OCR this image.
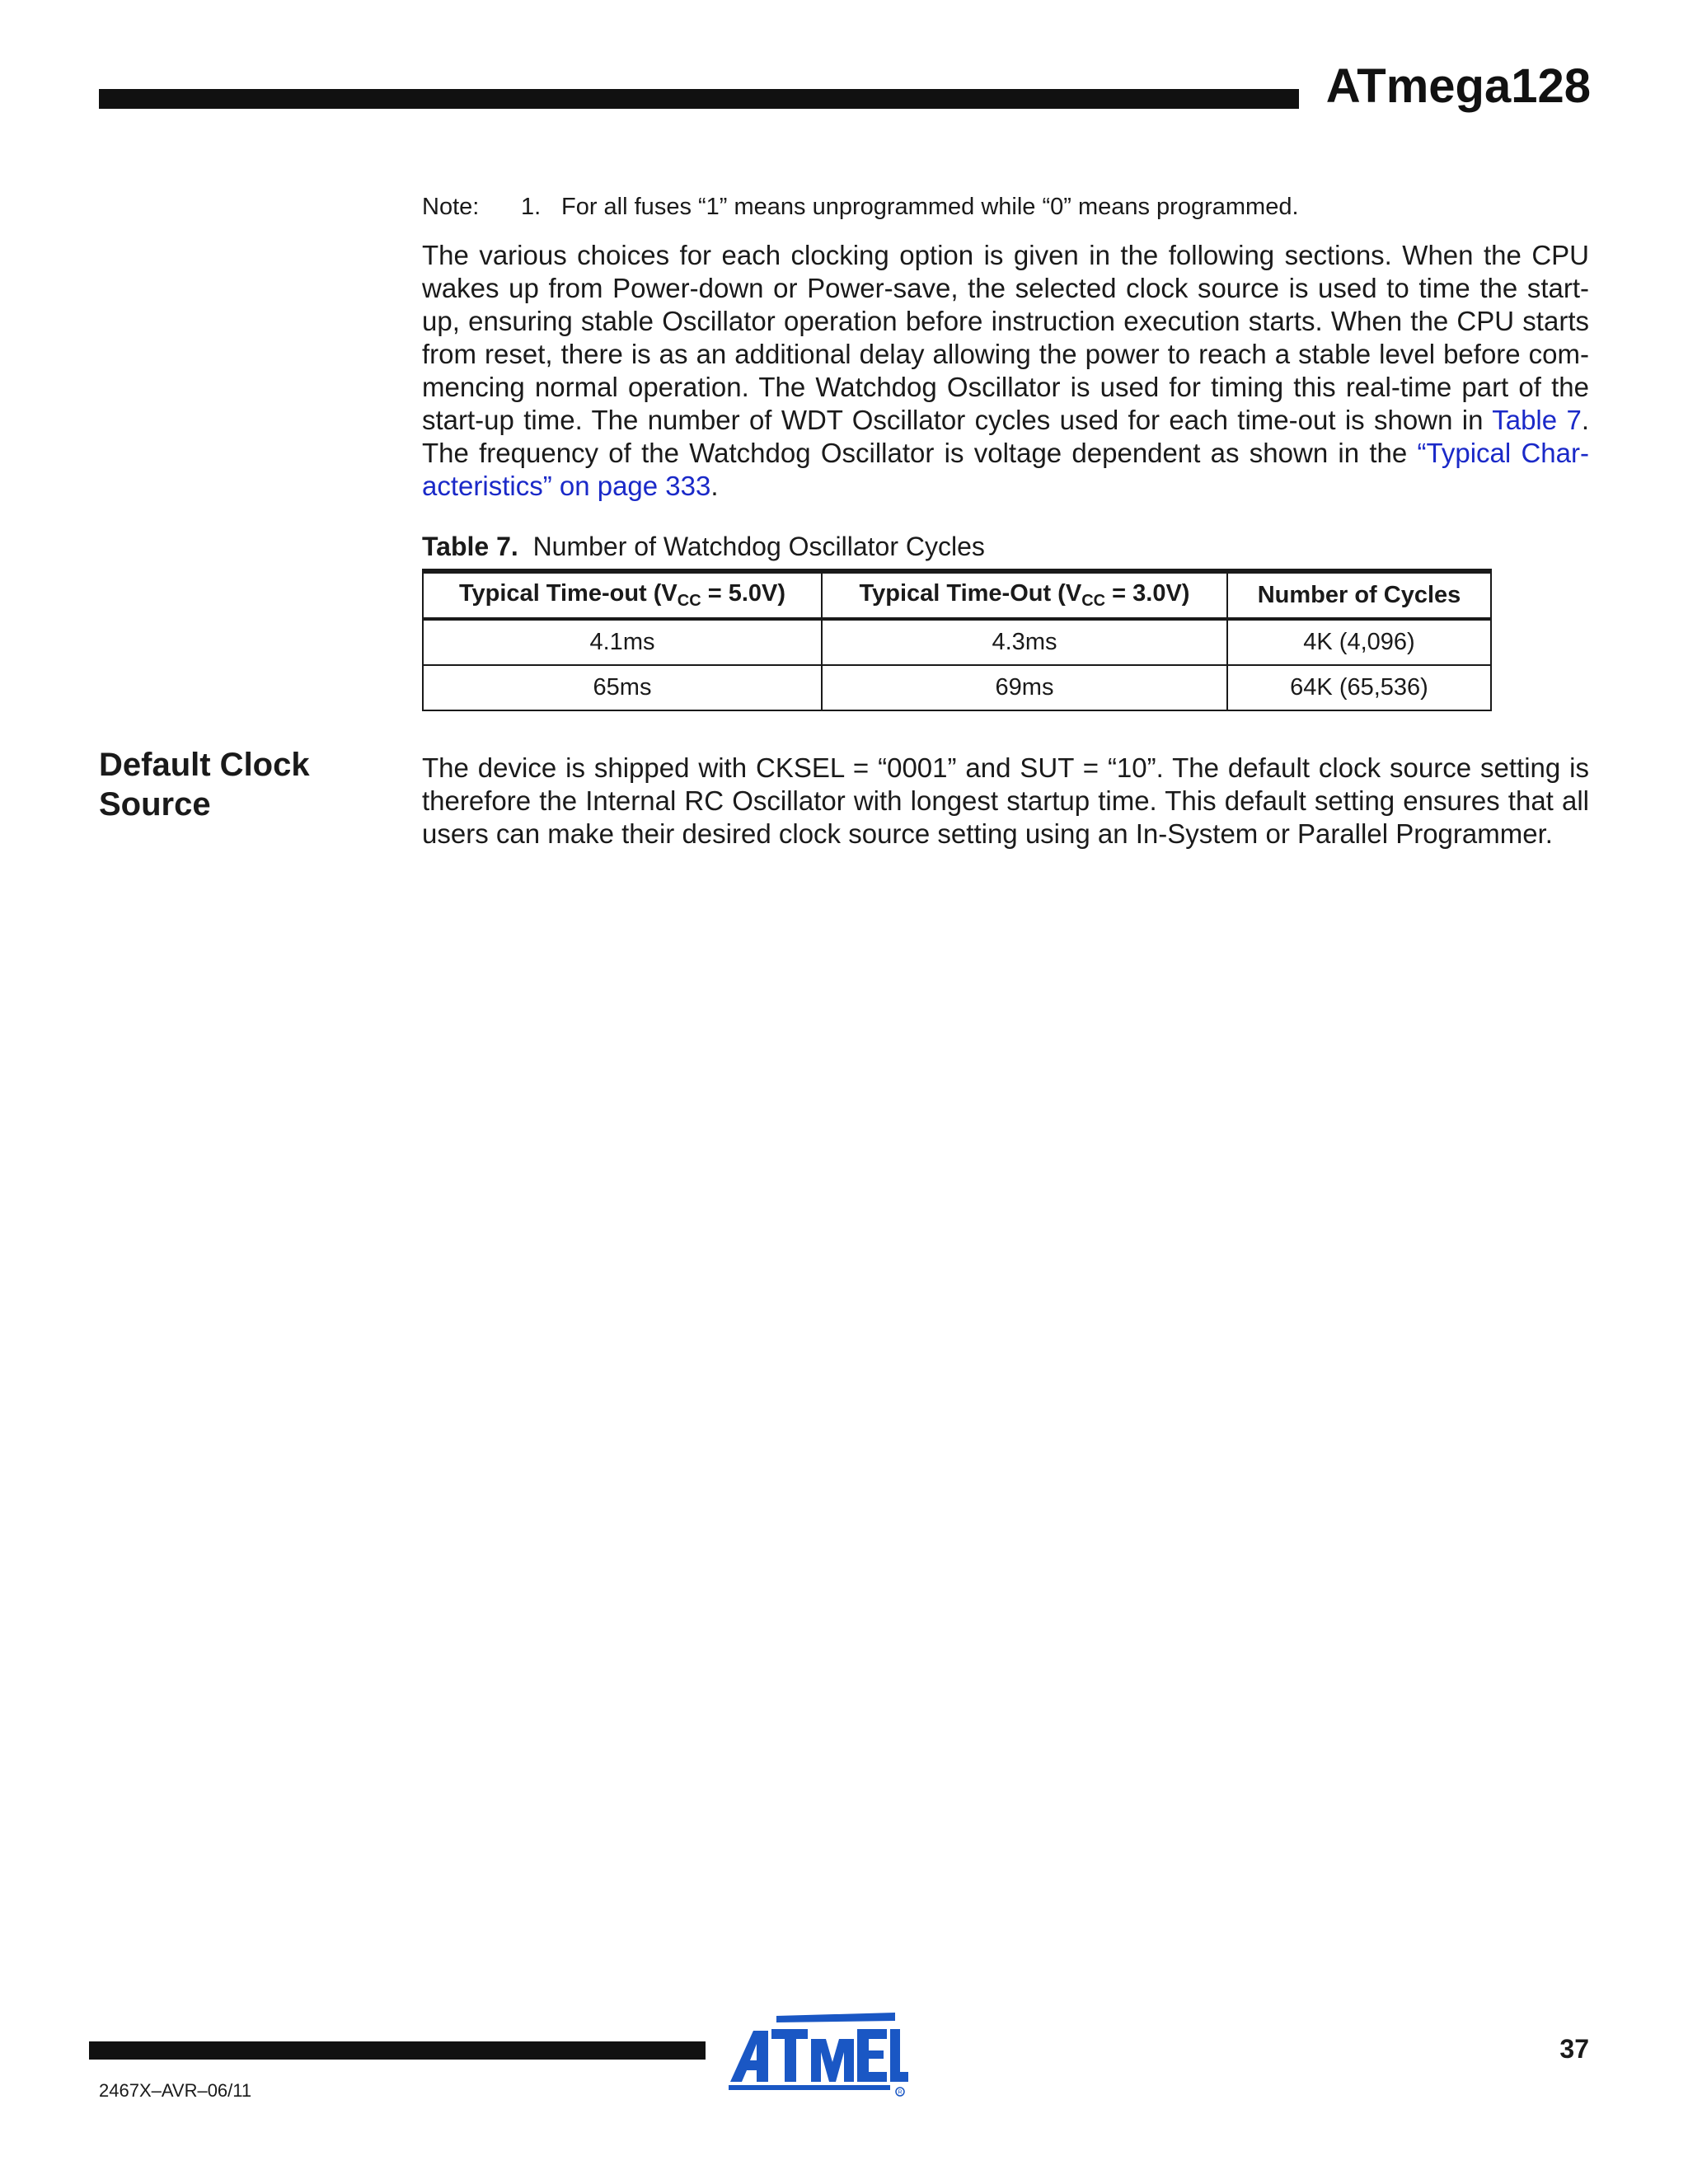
ATmega128
Note: 1. For all fuses “1” means unprogrammed while “0” means programmed.
The various choices for each clocking option is given in the following sections. When the CPU
wakes up from Power-down or Power-save, the selected clock source is used to time the start-
up, ensuring stable Oscillator operation before instruction execution starts. When the CPU starts
from reset, there is as an additional delay allowing the power to reach a stable level before com-
mencing normal operation. The Watchdog Oscillator is used for timing this real-time part of the
start-up time. The number of WDT Oscillator cycles used for each time-out is shown in Table 7.
The frequency of the Watchdog Oscillator is voltage dependent as shown in the “Typical Char-
acteristics” on page 333.
Table 7. Number of Watchdog Oscillator Cycles
Typical Time-out $(V_{CC} = 5.0V)$	Typical Time-Out $(V_{CC} = 3.0V)$	Number of Cycles
4.1ms	4.3ms	4K (4,096)
65ms	69ms	64K (65,536)
Default Clock
Source
The device is shipped with CKSEL = “0001” and SUT = “10”. The default clock source setting is
therefore the Internal RC Oscillator with longest startup time. This default setting ensures that all
users can make their desired clock source setting using an In-System or Parallel Programmer.
2467X–AVR–06/11
37
R
